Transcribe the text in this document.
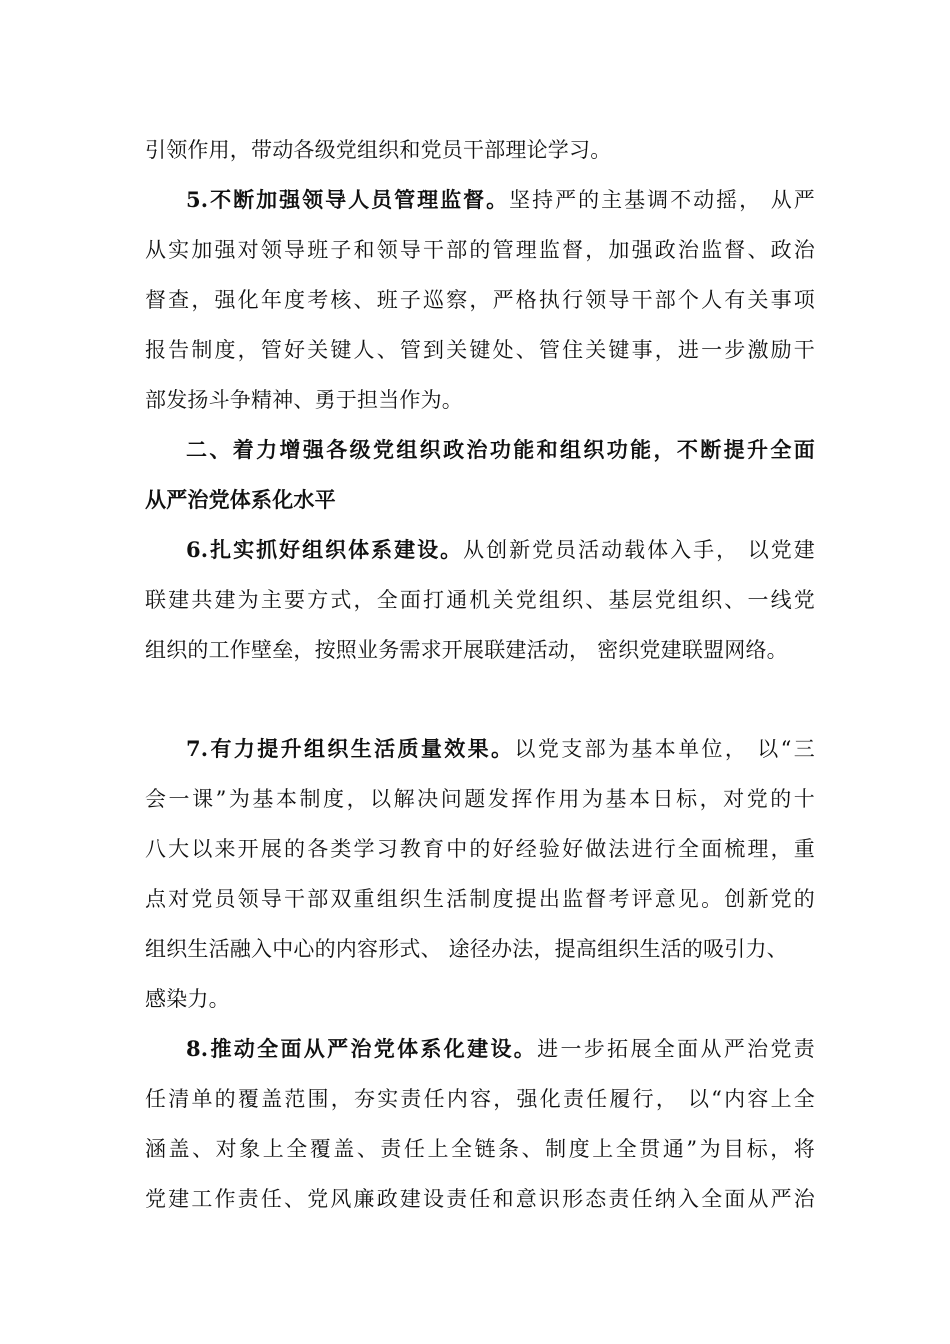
引领作用，带动各级党组织和党员干部理论学习。
5.不断加强领导人员管理监督。坚持严的主基调不动摇， 从严
从实加强对领导班子和领导干部的管理监督，加强政治监督、政治
督查，强化年度考核、班子巡察，严格执行领导干部个人有关事项
报告制度，管好关键人、管到关键处、管住关键事，进一步激励干
部发扬斗争精神、勇于担当作为。
二、着力增强各级党组织政治功能和组织功能，不断提升全面
从严治党体系化水平
6.扎实抓好组织体系建设。从创新党员活动载体入手， 以党建
联建共建为主要方式，全面打通机关党组织、基层党组织、一线党
组织的工作壁垒，按照业务需求开展联建活动， 密织党建联盟网络。
7.有力提升组织生活质量效果。以党支部为基本单位， 以“三
会一课”为基本制度，以解决问题发挥作用为基本日标，对党的十
八大以来开展的各类学习教育中的好经验好做法进行全面梳理，重
点对党员领导干部双重组织生活制度提出监督考评意见。创新党的
组织生活融入中心的内容形式、 途径办法，提高组织生活的吸引力、
感染力。
8.推动全面从严治党体系化建设。进一步拓展全面从严治党责
任清单的覆盖范围，夯实责任内容，强化责任履行， 以“内容上全
涵盖、对象上全覆盖、责任上全链条、制度上全贯通”为目标，将
党建工作责任、党风廉政建设责任和意识形态责任纳入全面从严治
